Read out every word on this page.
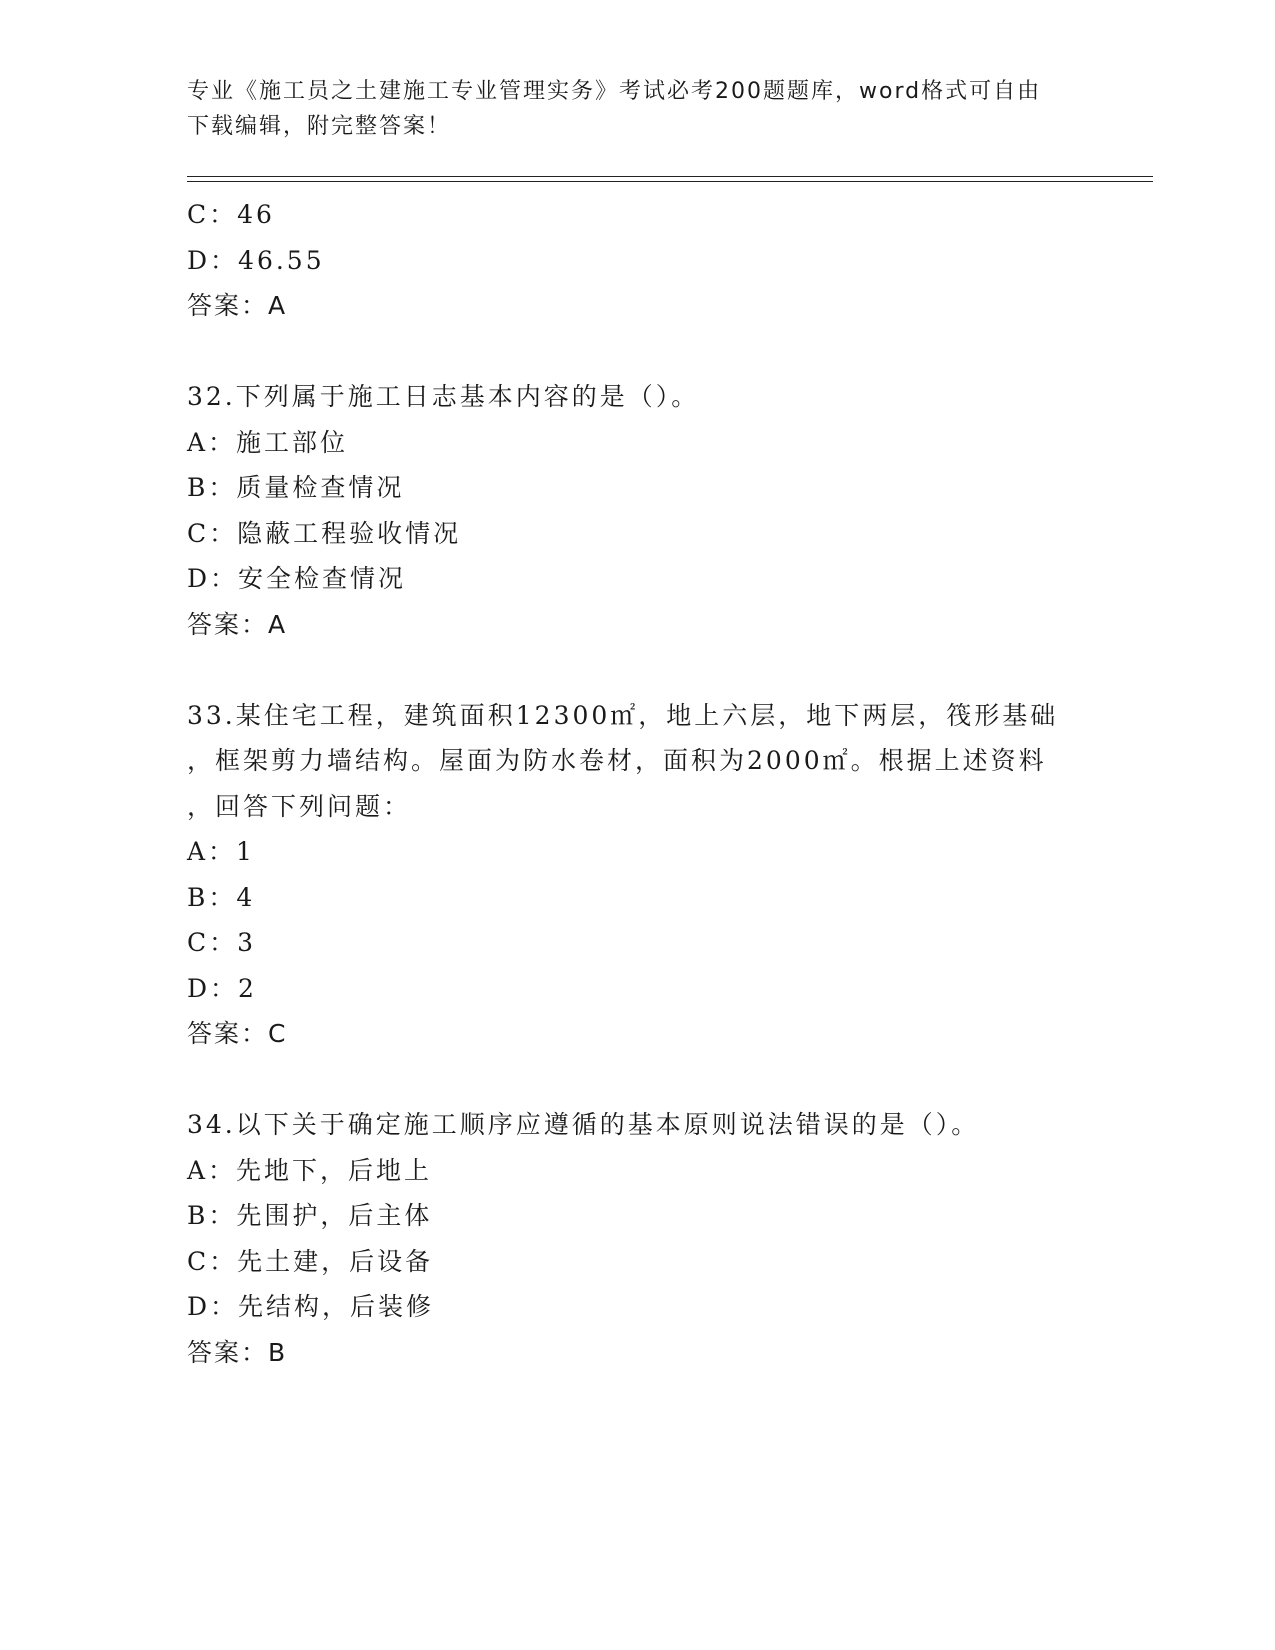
专业《施工员之土建施工专业管理实务》考试必考200题题库，word格式可自由
下载编辑，附完整答案！
C：46
D：46.55
答案：A
32.下列属于施工日志基本内容的是（）。
A：施工部位
B：质量检查情况
C：隐蔽工程验收情况
D：安全检查情况
答案：A
33.某住宅工程，建筑面积12300㎡，地上六层，地下两层，筏形基础
，框架剪力墙结构。屋面为防水卷材，面积为2000㎡。根据上述资料
，回答下列问题：
A：1
B：4
C：3
D：2
答案：C
34.以下关于确定施工顺序应遵循的基本原则说法错误的是（）。
A：先地下，后地上
B：先围护，后主体
C：先土建，后设备
D：先结构，后装修
答案：B
